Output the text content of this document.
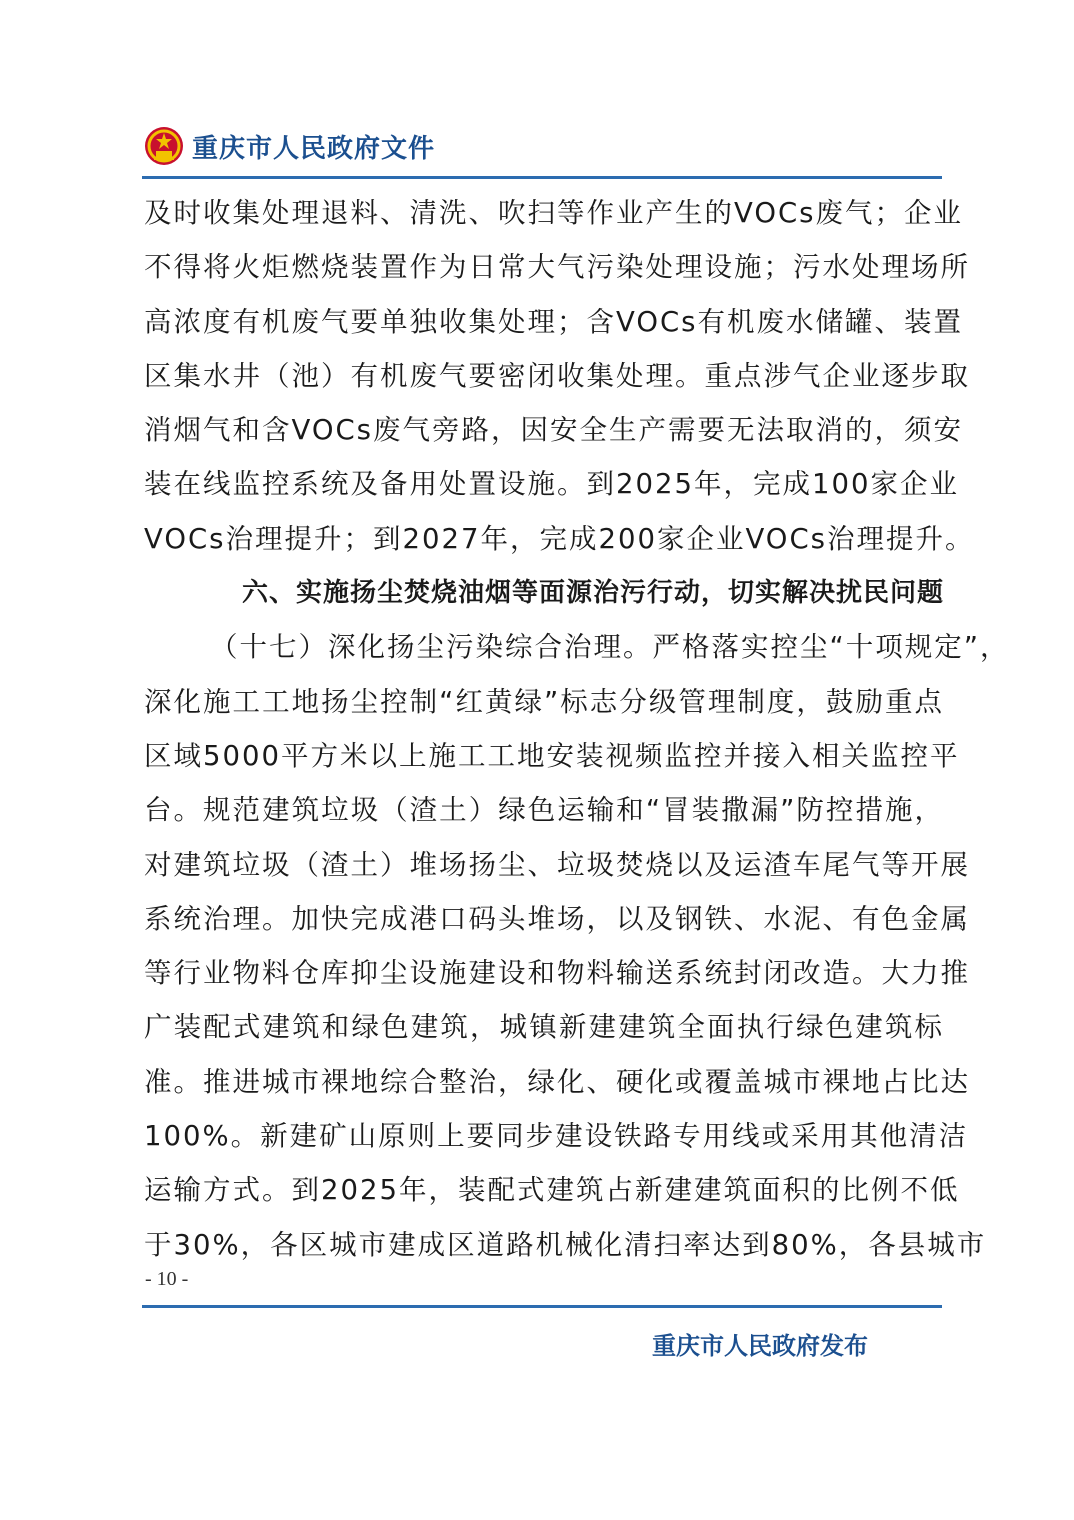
重庆市人民政府文件
及时收集处理退料、清洗、吹扫等作业产生的VOCs废气；企业
不得将火炬燃烧装置作为日常大气污染处理设施；污水处理场所
高浓度有机废气要单独收集处理；含VOCs有机废水储罐、装置
区集水井（池）有机废气要密闭收集处理。重点涉气企业逐步取
消烟气和含VOCs废气旁路，因安全生产需要无法取消的，须安
装在线监控系统及备用处置设施。到2025年，完成100家企业
VOCs治理提升；到2027年，完成200家企业VOCs治理提升。
六、实施扬尘焚烧油烟等面源治污行动，切实解决扰民问题
（十七）深化扬尘污染综合治理。严格落实控尘“十项规定”，
深化施工工地扬尘控制“红黄绿”标志分级管理制度，鼓励重点
区域5000平方米以上施工工地安装视频监控并接入相关监控平
台。规范建筑垃圾（渣土）绿色运输和“冒装撒漏”防控措施，
对建筑垃圾（渣土）堆场扬尘、垃圾焚烧以及运渣车尾气等开展
系统治理。加快完成港口码头堆场，以及钢铁、水泥、有色金属
等行业物料仓库抑尘设施建设和物料输送系统封闭改造。大力推
广装配式建筑和绿色建筑，城镇新建建筑全面执行绿色建筑标
准。推进城市裸地综合整治，绿化、硬化或覆盖城市裸地占比达
100%。新建矿山原则上要同步建设铁路专用线或采用其他清洁
运输方式。到2025年，装配式建筑占新建建筑面积的比例不低
于30%，各区城市建成区道路机械化清扫率达到80%，各县城市
- 10 -
重庆市人民政府发布
